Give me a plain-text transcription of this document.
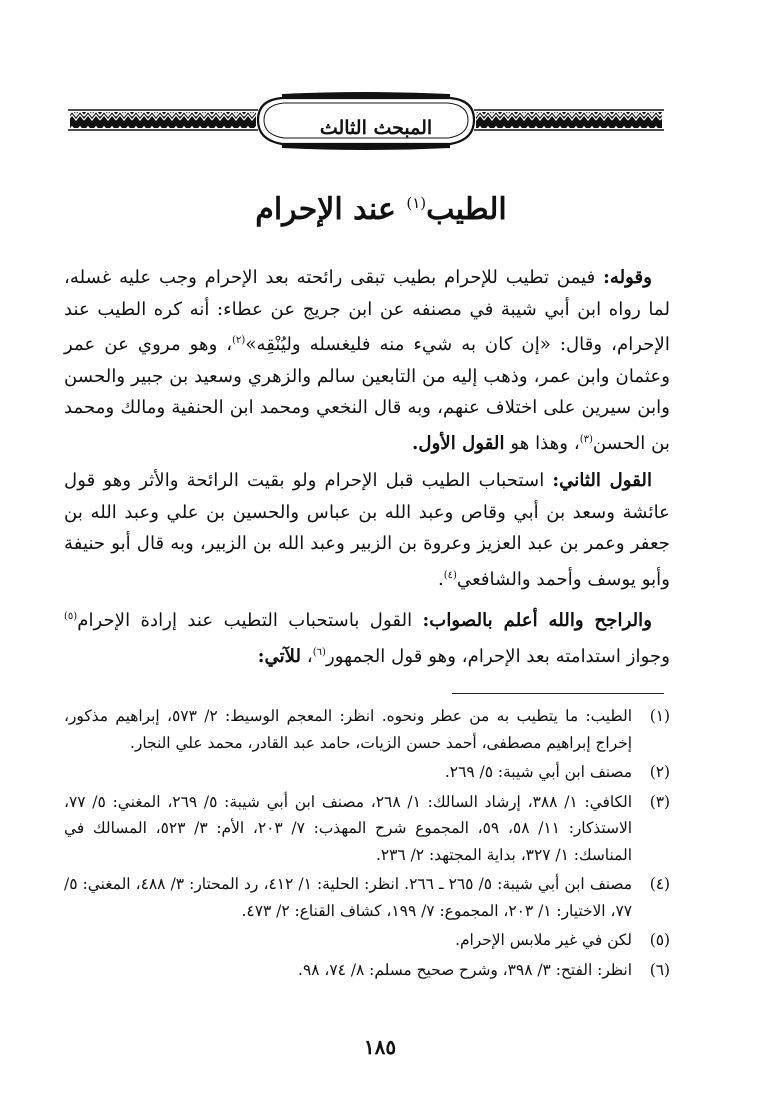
المبحث الثالث
الطيب$^{(١)}$ عند الإحرام

وقوله: فيمن تطيب للإحرام بطيب تبقى رائحته بعد الإحرام وجب عليه غسله، لما رواه ابن أبي شيبة في مصنفه عن ابن جريج عن عطاء: أنه كره الطيب عند الإحرام، وقال: «إن كان به شيء منه فليغسله وليُنْقِه»$^{(٢)}$، وهو مروي عن عمر وعثمان وابن عمر، وذهب إليه من التابعين سالم والزهري وسعيد بن جبير والحسن وابن سيرين على اختلاف عنهم، وبه قال النخعي ومحمد ابن الحنفية ومالك ومحمد بن الحسن$^{(٣)}$، وهذا هو القول الأول.

القول الثاني: استحباب الطيب قبل الإحرام ولو بقيت الرائحة والأثر وهو قول عائشة وسعد بن أبي وقاص وعبد الله بن عباس والحسين بن علي وعبد الله بن جعفر وعمر بن عبد العزيز وعروة بن الزبير وعبد الله بن الزبير، وبه قال أبو حنيفة وأبو يوسف وأحمد والشافعي$^{(٤)}$.

والراجح والله أعلم بالصواب: القول باستحباب التطيب عند إرادة الإحرام$^{(٥)}$ وجواز استدامته بعد الإحرام، وهو قول الجمهور$^{(٦)}$، للآتي:

(١)
الطيب: ما يتطيب به من عطر ونحوه. انظر: المعجم الوسيط: ٢/ ٥٧٣، إبراهيم مذكور، إخراج إبراهيم مصطفى، أحمد حسن الزيات، حامد عبد القادر، محمد علي النجار.
(٢)
مصنف ابن أبي شيبة: ٥/ ٢٦٩.
(٣)
الكافي: ١/ ٣٨٨، إرشاد السالك: ١/ ٢٦٨، مصنف ابن أبي شيبة: ٥/ ٢٦٩، المغني: ٥/ ٧٧، الاستذكار: ١١/ ٥٨، ٥٩، المجموع شرح المهذب: ٧/ ٢٠٣، الأم: ٣/ ٥٢٣، المسالك في المناسك: ١/ ٣٢٧، بداية المجتهد: ٢/ ٢٣٦.
(٤)
مصنف ابن أبي شيبة: ٥/ ٢٦٥ ـ ٢٦٦. انظر: الحلية: ١/ ٤١٢، رد المحتار: ٣/ ٤٨٨، المغني: ٥/ ٧٧، الاختيار: ١/ ٢٠٣، المجموع: ٧/ ١٩٩، كشاف القناع: ٢/ ٤٧٣.
(٥)
لكن في غير ملابس الإحرام.
(٦)
انظر: الفتح: ٣/ ٣٩٨، وشرح صحيح مسلم: ٨/ ٧٤، ٩٨.
١٨٥
